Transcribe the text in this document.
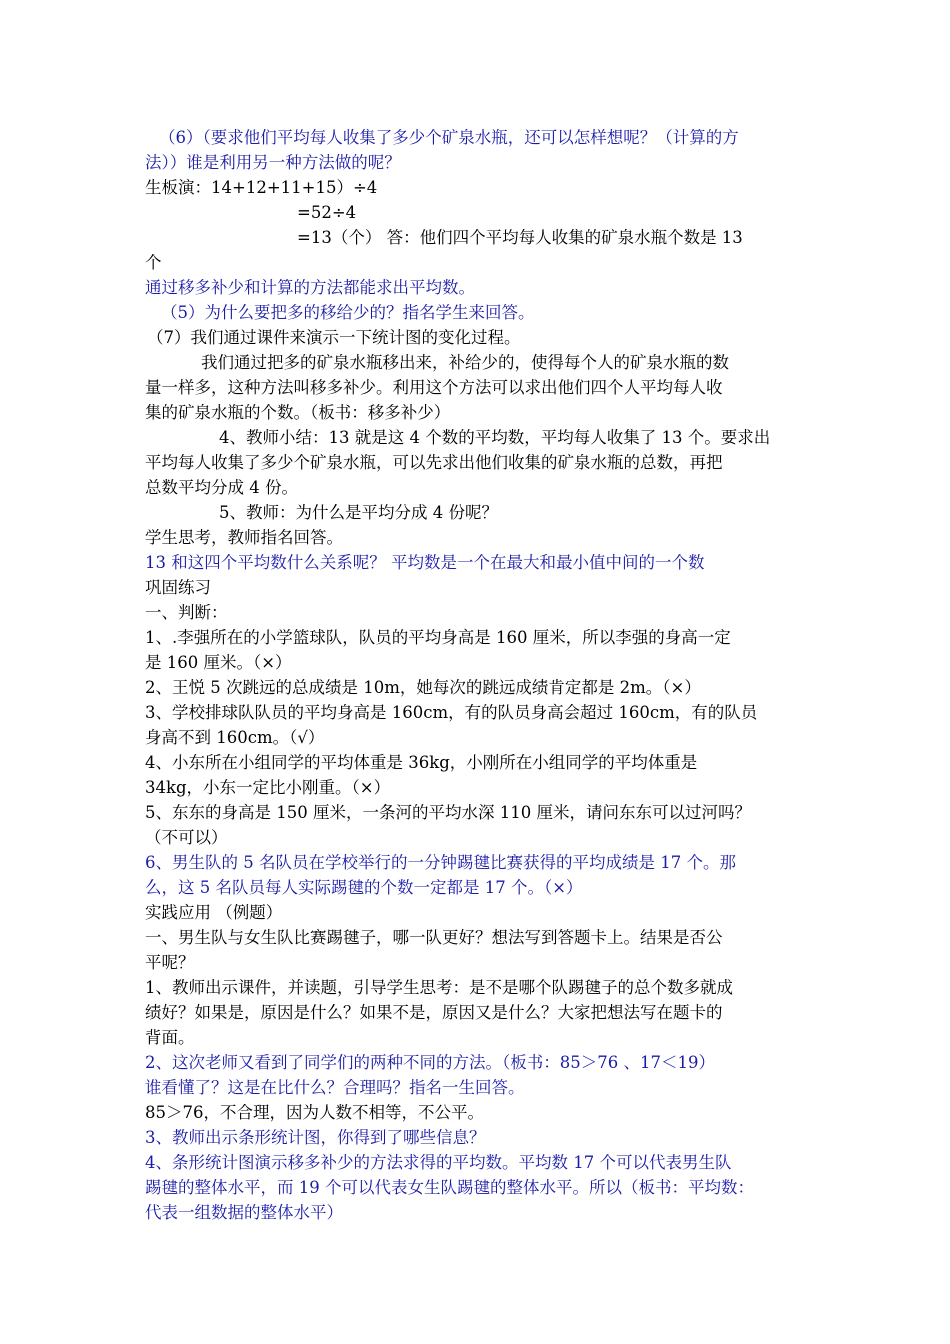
（6）（要求他们平均每人收集了多少个矿泉水瓶，还可以怎样想呢？（计算的方
法））谁是利用另一种方法做的呢？
生板演：14+12+11+15）÷4
=52÷4
=13（个） 答：他们四个平均每人收集的矿泉水瓶个数是 13
个
通过移多补少和计算的方法都能求出平均数。
（5）为什么要把多的移给少的？指名学生来回答。
（7）我们通过课件来演示一下统计图的变化过程。
我们通过把多的矿泉水瓶移出来，补给少的，使得每个人的矿泉水瓶的数
量一样多，这种方法叫移多补少。利用这个方法可以求出他们四个人平均每人收
集的矿泉水瓶的个数。（板书：移多补少）
4、教师小结：13 就是这 4 个数的平均数，平均每人收集了 13 个。要求出
平均每人收集了多少个矿泉水瓶，可以先求出他们收集的矿泉水瓶的总数，再把
总数平均分成 4 份。
5、教师：为什么是平均分成 4 份呢？
学生思考，教师指名回答。
13 和这四个平均数什么关系呢？ 平均数是一个在最大和最小值中间的一个数
巩固练习
一、判断：
1、.李强所在的小学篮球队，队员的平均身高是 160 厘米，所以李强的身高一定
是 160 厘米。（×）
2、王悦 5 次跳远的总成绩是 10m，她每次的跳远成绩肯定都是 2m。（×）
3、学校排球队队员的平均身高是 160cm，有的队员身高会超过 160cm，有的队员
身高不到 160cm。（√）
4、小东所在小组同学的平均体重是 36kg，小刚所在小组同学的平均体重是
34kg，小东一定比小刚重。（×）
5、东东的身高是 150 厘米，一条河的平均水深 110 厘米，请问东东可以过河吗？
（不可以）
6、男生队的 5 名队员在学校举行的一分钟踢毽比赛获得的平均成绩是 17 个。那
么，这 5 名队员每人实际踢毽的个数一定都是 17 个。（×）
实践应用 （例题）
一、男生队与女生队比赛踢毽子，哪一队更好？想法写到答题卡上。结果是否公
平呢？
1、教师出示课件，并读题，引导学生思考：是不是哪个队踢毽子的总个数多就成
绩好？如果是，原因是什么？如果不是，原因又是什么？大家把想法写在题卡的
背面。
2、这次老师又看到了同学们的两种不同的方法。（板书：85＞76 、17＜19）
谁看懂了？这是在比什么？合理吗？指名一生回答。
85＞76，不合理，因为人数不相等，不公平。
3、教师出示条形统计图，你得到了哪些信息？
4、条形统计图演示移多补少的方法求得的平均数。平均数 17 个可以代表男生队
踢毽的整体水平，而 19 个可以代表女生队踢毽的整体水平。所以（板书：平均数：
代表一组数据的整体水平）
